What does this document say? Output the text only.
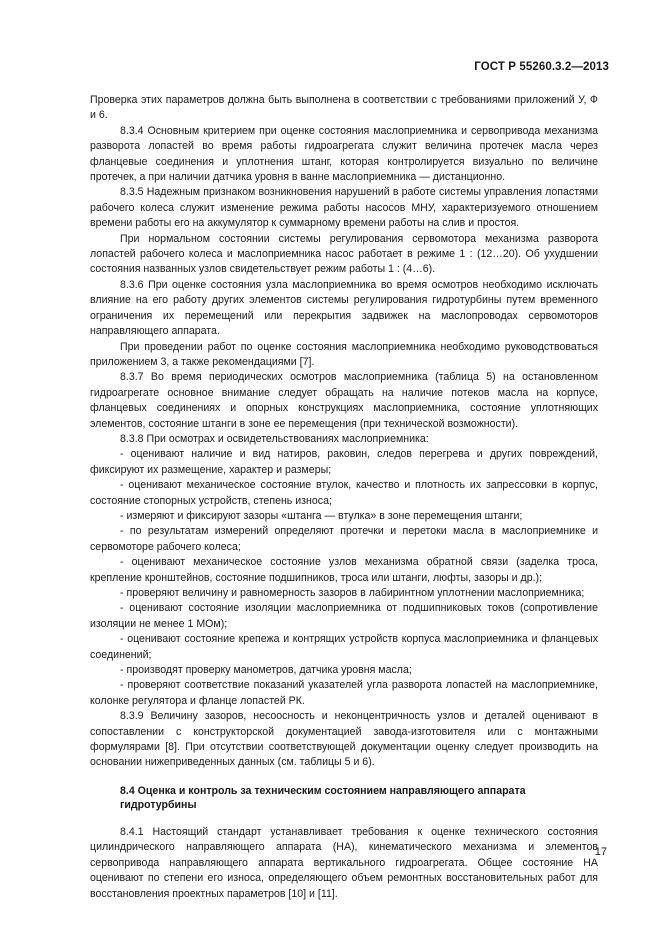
ГОСТ Р 55260.3.2—2013

Проверка этих параметров должна быть выполнена в соответствии с требованиями приложений У, Ф и 6.

8.3.4 Основным критерием при оценке состояния маслоприемника и сервопривода механизма разворота лопастей во время работы гидроагрегата служит величина протечек масла через фланцевые соединения и уплотнения штанг, которая контролируется визуально по величине протечек, а при наличии датчика уровня в ванне маслоприемника — дистанционно.

8.3.5 Надежным признаком возникновения нарушений в работе системы управления лопастями рабочего колеса служит изменение режима работы насосов МНУ, характеризуемого отношением времени работы его на аккумулятор к суммарному времени работы на слив и простоя.

При нормальном состоянии системы регулирования сервомотора механизма разворота лопастей рабочего колеса и маслоприемника насос работает в режиме 1 : (12…20). Об ухудшении состояния названных узлов свидетельствует режим работы 1 : (4…6).

8.3.6 При оценке состояния узла маслоприемника во время осмотров необходимо исключать влияние на его работу других элементов системы регулирования гидротурбины путем временного ограничения их перемещений или перекрытия задвижек на маслопроводах сервомоторов направляющего аппарата.

При проведении работ по оценке состояния маслоприемника необходимо руководствоваться приложением 3, а также рекомендациями [7].

8.3.7 Во время периодических осмотров маслоприемника (таблица 5) на остановленном гидроагрегате основное внимание следует обращать на наличие потеков масла на корпусе, фланцевых соединениях и опорных конструкциях маслоприемника, состояние уплотняющих элементов, состояние штанги в зоне ее перемещения (при технической возможности).

8.3.8 При осмотрах и освидетельствованиях маслоприемника:

- оценивают наличие и вид натиров, раковин, следов перегрева и других повреждений, фиксируют их размещение, характер и размеры;

- оценивают механическое состояние втулок, качество и плотность их запрессовки в корпус, состояние стопорных устройств, степень износа;

- измеряют и фиксируют зазоры «штанга — втулка» в зоне перемещения штанги;

- по результатам измерений определяют протечки и перетоки масла в маслоприемнике и сервомоторе рабочего колеса;

- оценивают механическое состояние узлов механизма обратной связи (заделка троса, крепление кронштейнов, состояние подшипников, троса или штанги, люфты, зазоры и др.);

- проверяют величину и равномерность зазоров в лабиринтном уплотнении маслоприемника;

- оценивают состояние изоляции маслоприемника от подшипниковых токов (сопротивление изоляции не менее 1 МОм);

- оценивают состояние крепежа и контрящих устройств корпуса маслоприемника и фланцевых соединений;

- производят проверку манометров, датчика уровня масла;

- проверяют соответствие показаний указателей угла разворота лопастей на маслоприемнике, колонке регулятора и фланце лопастей РК.

8.3.9 Величину зазоров, несоосность и неконцентричность узлов и деталей оценивают в сопоставлении с конструкторской документацией завода-изготовителя или с монтажными формулярами [8]. При отсутствии соответствующей документации оценку следует производить на основании нижеприведенных данных (см. таблицы 5 и 6).

8.4 Оценка и контроль за техническим состоянием направляющего аппарата гидротурбины

8.4.1 Настоящий стандарт устанавливает требования к оценке технического состояния цилиндрического направляющего аппарата (НА), кинематического механизма и элементов сервопривода направляющего аппарата вертикального гидроагрегата. Общее состояние НА оценивают по степени его износа, определяющего объем ремонтных восстановительных работ для восстановления проектных параметров [10] и [11].

17
